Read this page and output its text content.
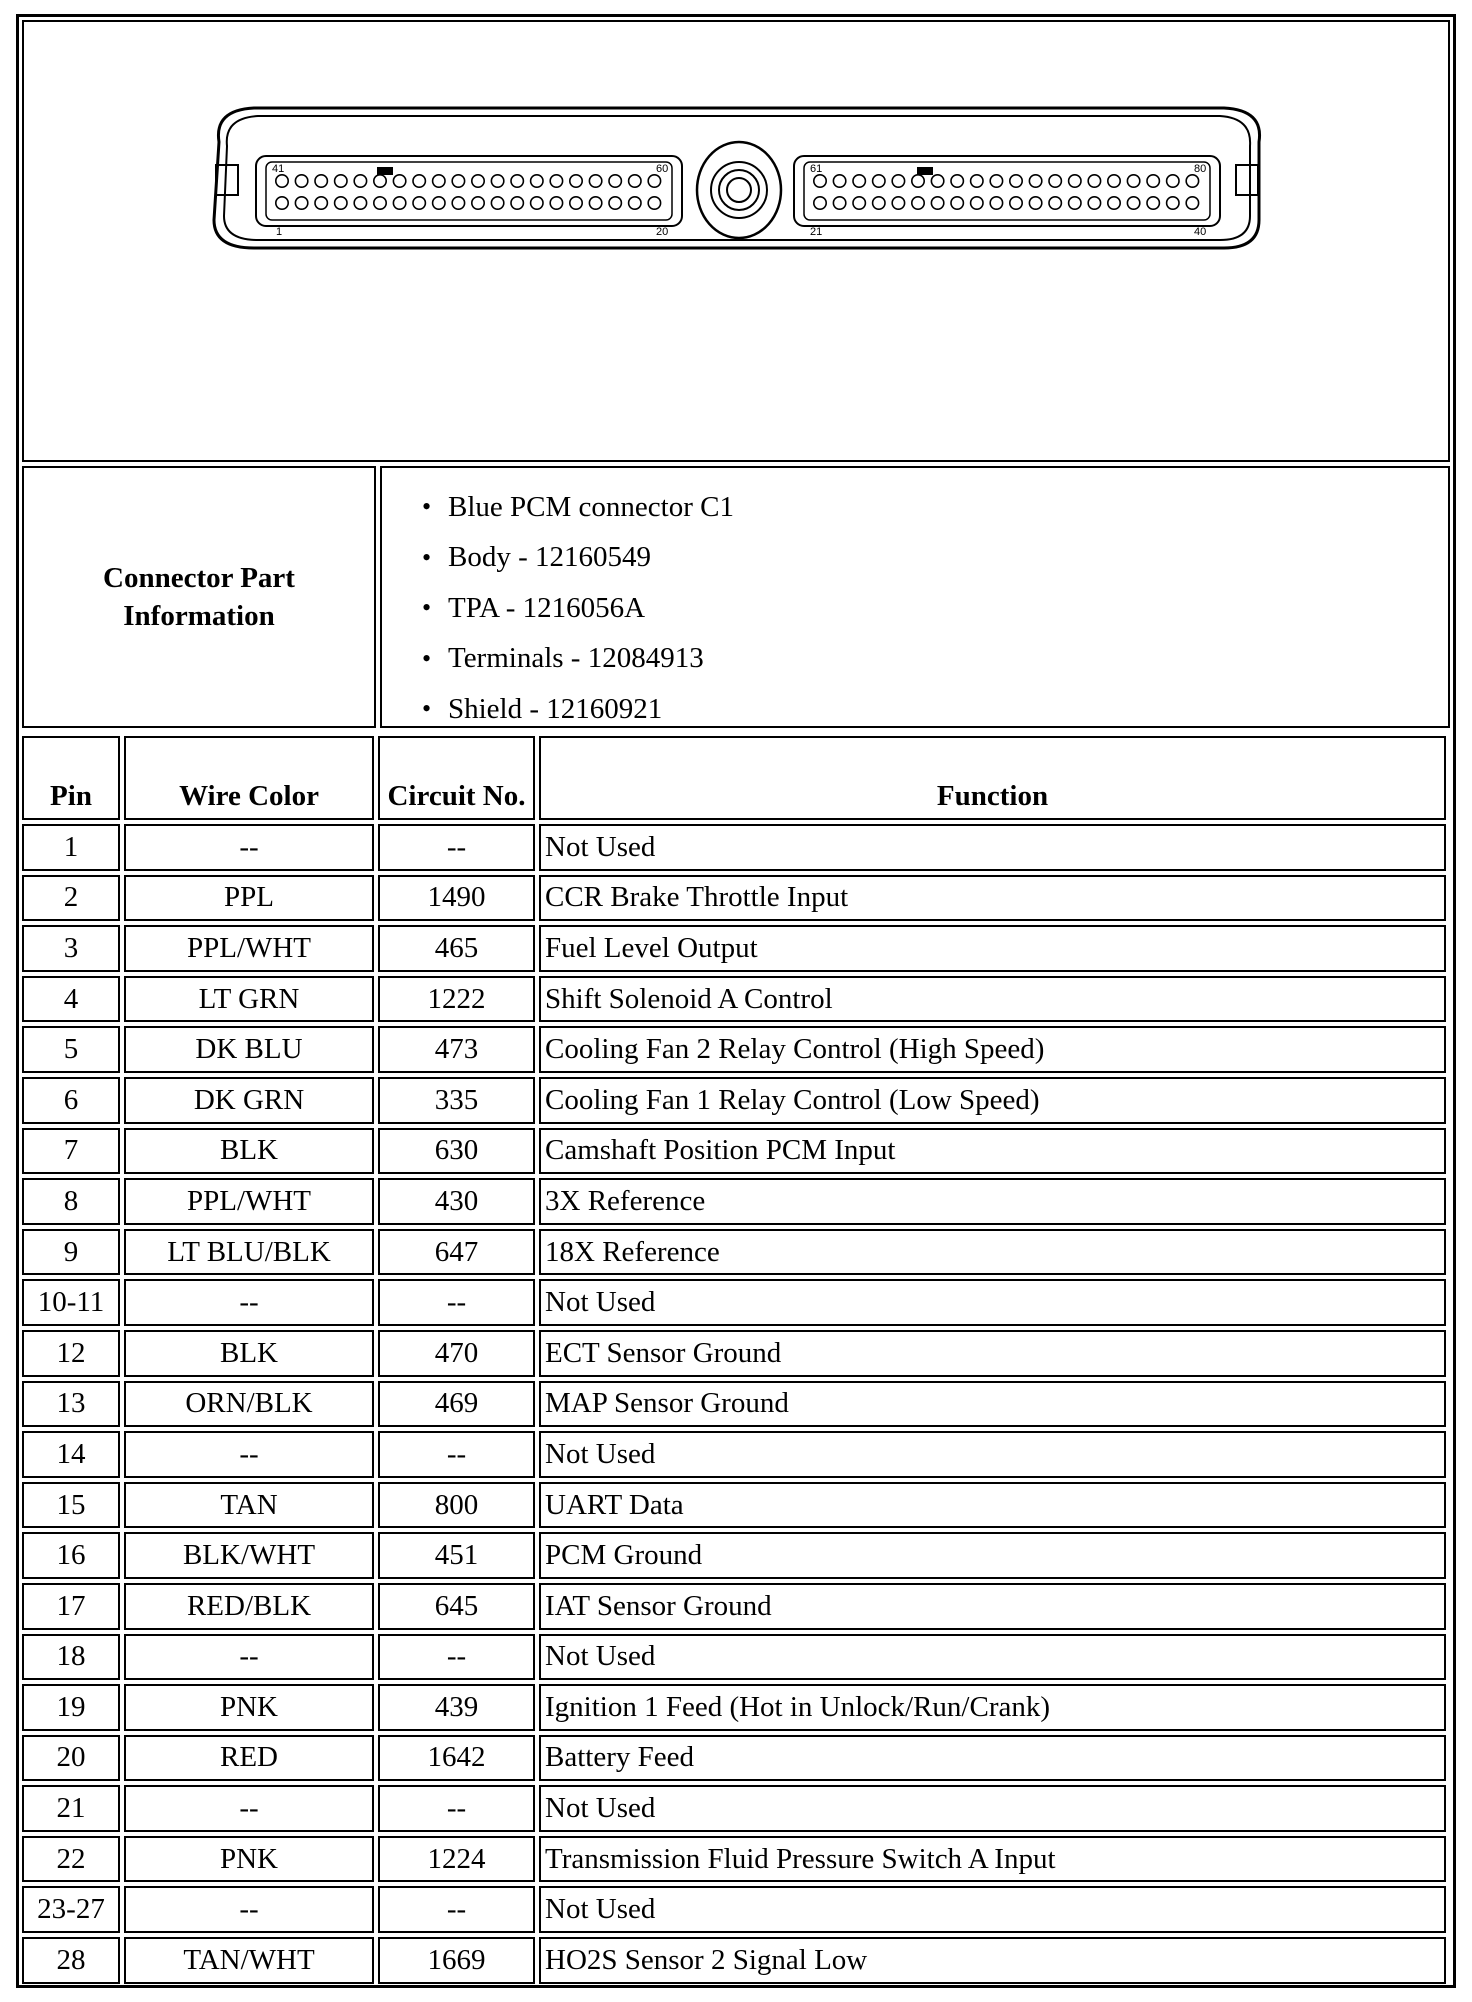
41	60
1	20
61	80
21	40
Connector Part Information
• Blue PCM connector C1
• Body - 12160549
• TPA - 1216056A
• Terminals - 12084913
• Shield - 12160921
Pin	Wire Color	Circuit No.	Function
1	--	--	Not Used
2	PPL	1490	CCR Brake Throttle Input
3	PPL/WHT	465	Fuel Level Output
4	LT GRN	1222	Shift Solenoid A Control
5	DK BLU	473	Cooling Fan 2 Relay Control (High Speed)
6	DK GRN	335	Cooling Fan 1 Relay Control (Low Speed)
7	BLK	630	Camshaft Position PCM Input
8	PPL/WHT	430	3X Reference
9	LT BLU/BLK	647	18X Reference
10-11	--	--	Not Used
12	BLK	470	ECT Sensor Ground
13	ORN/BLK	469	MAP Sensor Ground
14	--	--	Not Used
15	TAN	800	UART Data
16	BLK/WHT	451	PCM Ground
17	RED/BLK	645	IAT Sensor Ground
18	--	--	Not Used
19	PNK	439	Ignition 1 Feed (Hot in Unlock/Run/Crank)
20	RED	1642	Battery Feed
21	--	--	Not Used
22	PNK	1224	Transmission Fluid Pressure Switch A Input
23-27	--	--	Not Used
28	TAN/WHT	1669	HO2S Sensor 2 Signal Low
